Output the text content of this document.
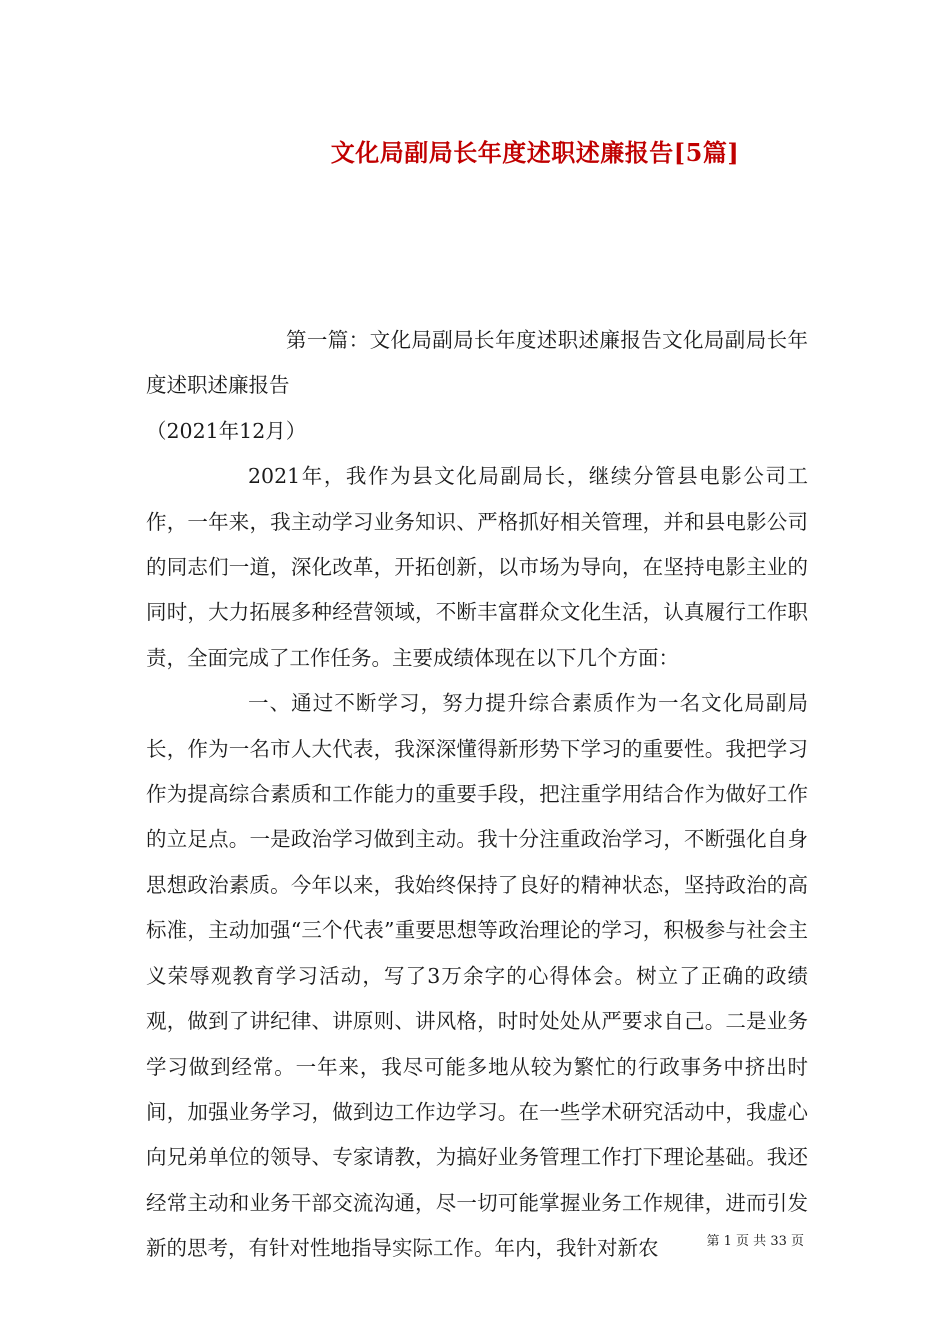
文化局副局长年度述职述廉报告[5篇]

第一篇：文化局副局长年度述职述廉报告文化局副局长年度述职述廉报告

（2021年12月）

2021年，我作为县文化局副局长，继续分管县电影公司工作，一年来，我主动学习业务知识、严格抓好相关管理，并和县电影公司的同志们一道，深化改革，开拓创新，以市场为导向，在坚持电影主业的同时，大力拓展多种经营领域，不断丰富群众文化生活，认真履行工作职责，全面完成了工作任务。主要成绩体现在以下几个方面：

一、通过不断学习，努力提升综合素质作为一名文化局副局长，作为一名市人大代表，我深深懂得新形势下学习的重要性。我把学习作为提高综合素质和工作能力的重要手段，把注重学用结合作为做好工作的立足点。一是政治学习做到主动。我十分注重政治学习，不断强化自身思想政治素质。今年以来，我始终保持了良好的精神状态，坚持政治的高标准，主动加强“三个代表”重要思想等政治理论的学习，积极参与社会主义荣辱观教育学习活动，写了3万余字的心得体会。树立了正确的政绩观，做到了讲纪律、讲原则、讲风格，时时处处从严要求自己。二是业务学习做到经常。一年来，我尽可能多地从较为繁忙的行政事务中挤出时间，加强业务学习，做到边工作边学习。在一些学术研究活动中，我虚心向兄弟单位的领导、专家请教，为搞好业务管理工作打下理论基础。我还经常主动和业务干部交流沟通，尽一切可能掌握业务工作规律，进而引发新的思考，有针对性地指导实际工作。年内，我针对新农	第 1 页 共 33 页
